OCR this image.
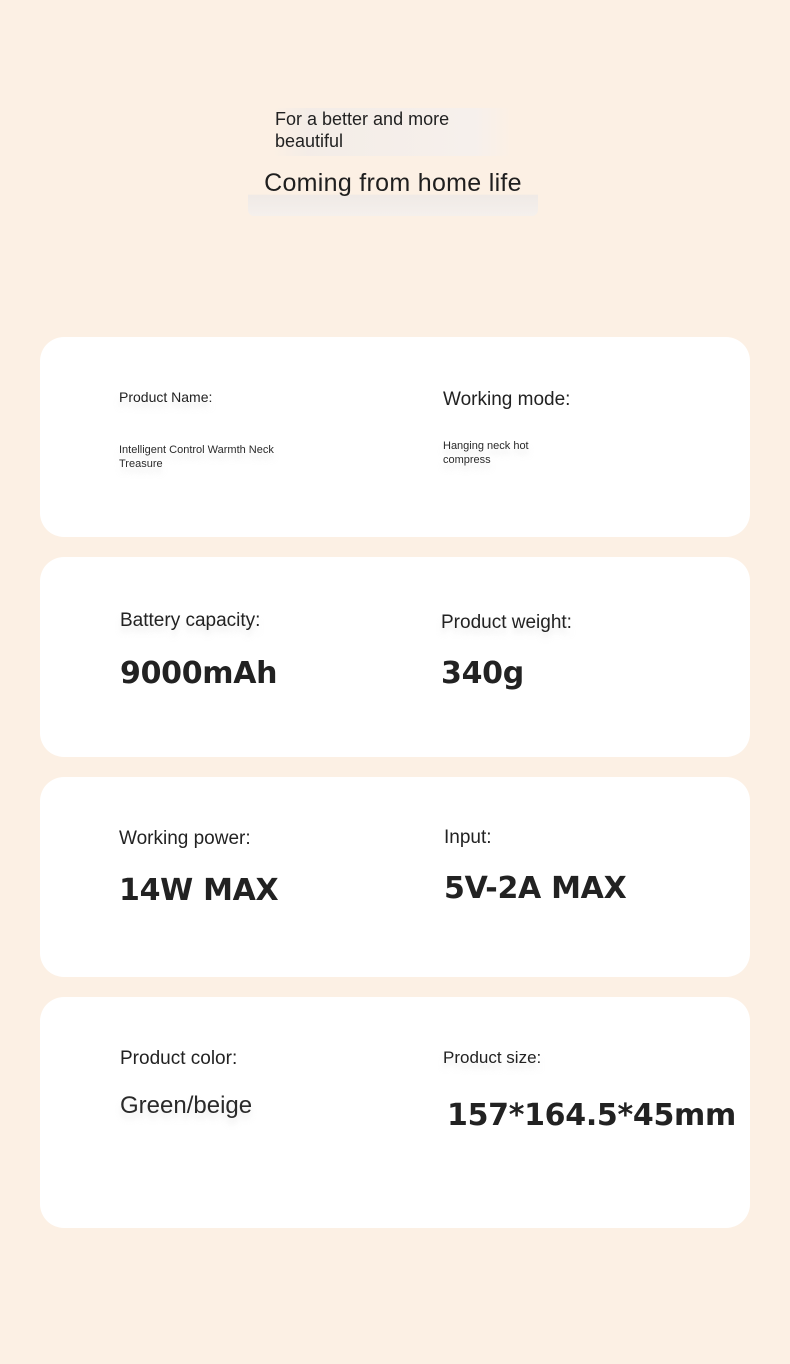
For a better and more beautiful
Coming from home life
Product Name:
Intelligent Control Warmth Neck Treasure
Working mode:
Hanging neck hot compress
Battery capacity:
9000mAh
Product weight:
340g
Working power:
14W MAX
Input:
5V-2A MAX
Product color:
Green/beige
Product size:
157*164.5*45mm
